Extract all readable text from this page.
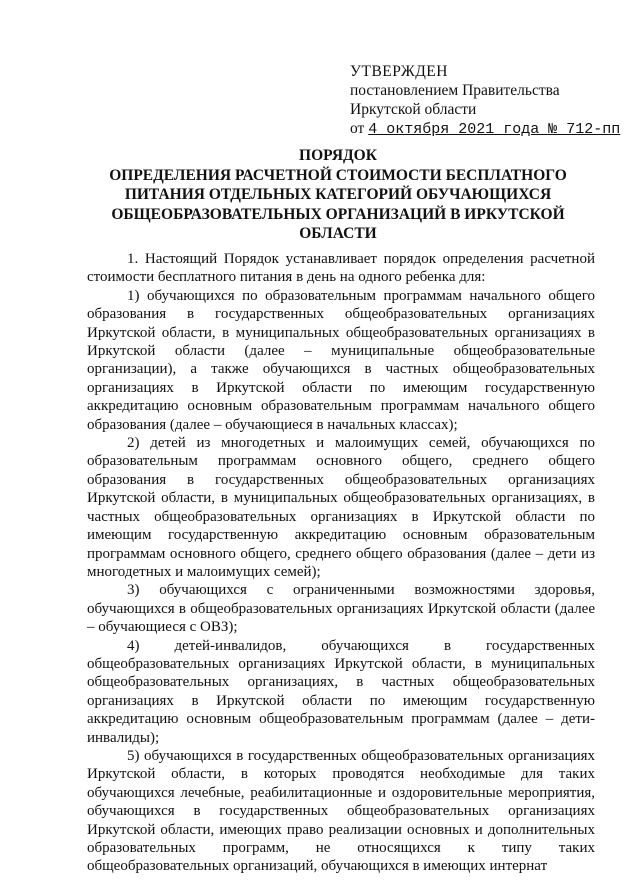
УТВЕРЖДЕН
постановлением Правительства
Иркутской области
от 4 октября 2021 года № 712-пп
ПОРЯДОК
ОПРЕДЕЛЕНИЯ РАСЧЕТНОЙ СТОИМОСТИ БЕСПЛАТНОГО
ПИТАНИЯ ОТДЕЛЬНЫХ КАТЕГОРИЙ ОБУЧАЮЩИХСЯ
ОБЩЕОБРАЗОВАТЕЛЬНЫХ ОРГАНИЗАЦИЙ В ИРКУТСКОЙ
ОБЛАСТИ

1. Настоящий Порядок устанавливает порядок определения расчетной стоимости бесплатного питания в день на одного ребенка для:

1) обучающихся по образовательным программам начального общего образования в государственных общеобразовательных организациях Иркутской области, в муниципальных общеобразовательных организациях в Иркутской области (далее – муниципальные общеобразовательные организации), а также обучающихся в частных общеобразовательных организациях в Иркутской области по имеющим государственную аккредитацию основным образовательным программам начального общего образования (далее – обучающиеся в начальных классах);

2) детей из многодетных и малоимущих семей, обучающихся по образовательным программам основного общего, среднего общего образования в государственных общеобразовательных организациях Иркутской области, в муниципальных общеобразовательных организациях, в частных общеобразовательных организациях в Иркутской области по имеющим государственную аккредитацию основным образовательным программам основного общего, среднего общего образования (далее – дети из многодетных и малоимущих семей);

3) обучающихся с ограниченными возможностями здоровья, обучающихся в общеобразовательных организациях Иркутской области (далее – обучающиеся с ОВЗ);

4) детей-инвалидов, обучающихся в государственных общеобразовательных организациях Иркутской области, в муниципальных общеобразовательных организациях, в частных общеобразовательных организациях в Иркутской области по имеющим государственную аккредитацию основным общеобразовательным программам (далее – дети-инвалиды);

5) обучающихся в государственных общеобразовательных организациях Иркутской области, в которых проводятся необходимые для таких обучающихся лечебные, реабилитационные и оздоровительные мероприятия, обучающихся в государственных общеобразовательных организациях Иркутской области, имеющих право реализации основных и дополнительных образовательных программ, не относящихся к типу таких общеобразовательных организаций, обучающихся в имеющих интернат
